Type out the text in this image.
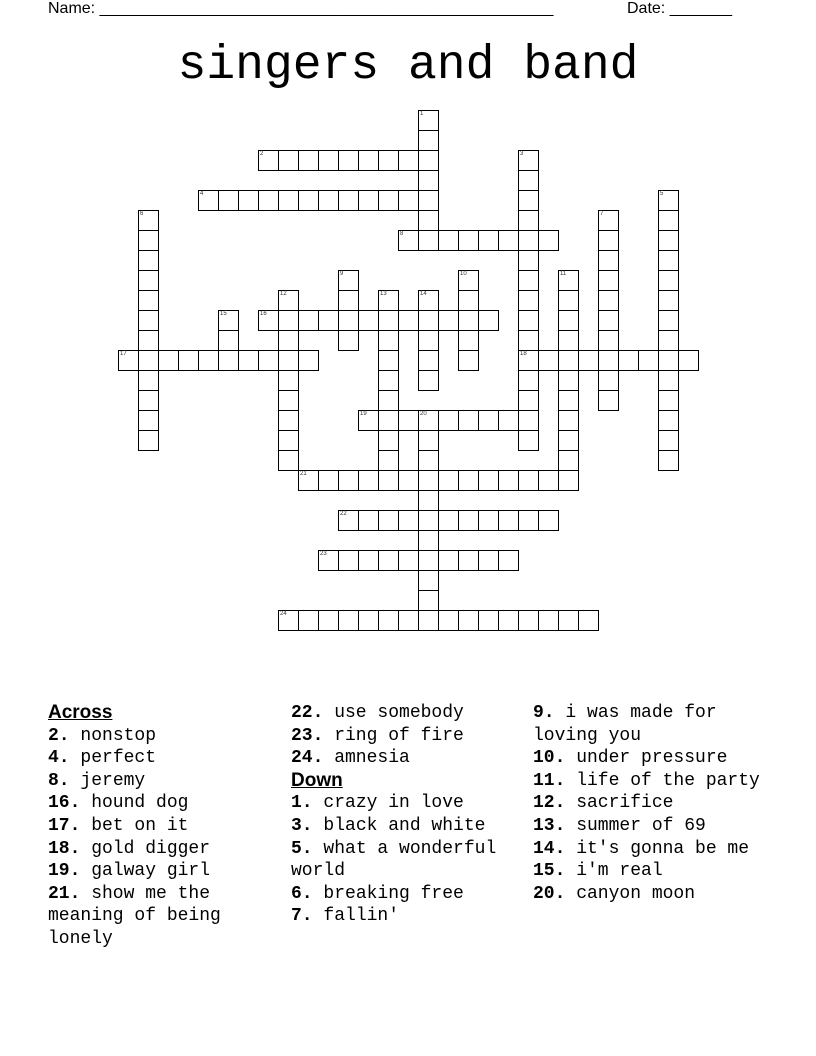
Name: ___________________________________________________	Date: _______
singers and band
1
2	3
18
4	5
6	7
8
9	10	11
12	13	14
15	16
17
19	20
21
22
23
24
Across
2. nonstop
4. perfect
8. jeremy
16. hound dog
17. bet on it
18. gold digger
19. galway girl
21. show me the meaning of being lonely
22. use somebody
23. ring of fire
24. amnesia
Down
1. crazy in love
3. black and white
5. what a wonderful world
6. breaking free
7. fallin'
9. i was made for loving you
10. under pressure
11. life of the party
12. sacrifice
13. summer of 69
14. it's gonna be me
15. i'm real
20. canyon moon
